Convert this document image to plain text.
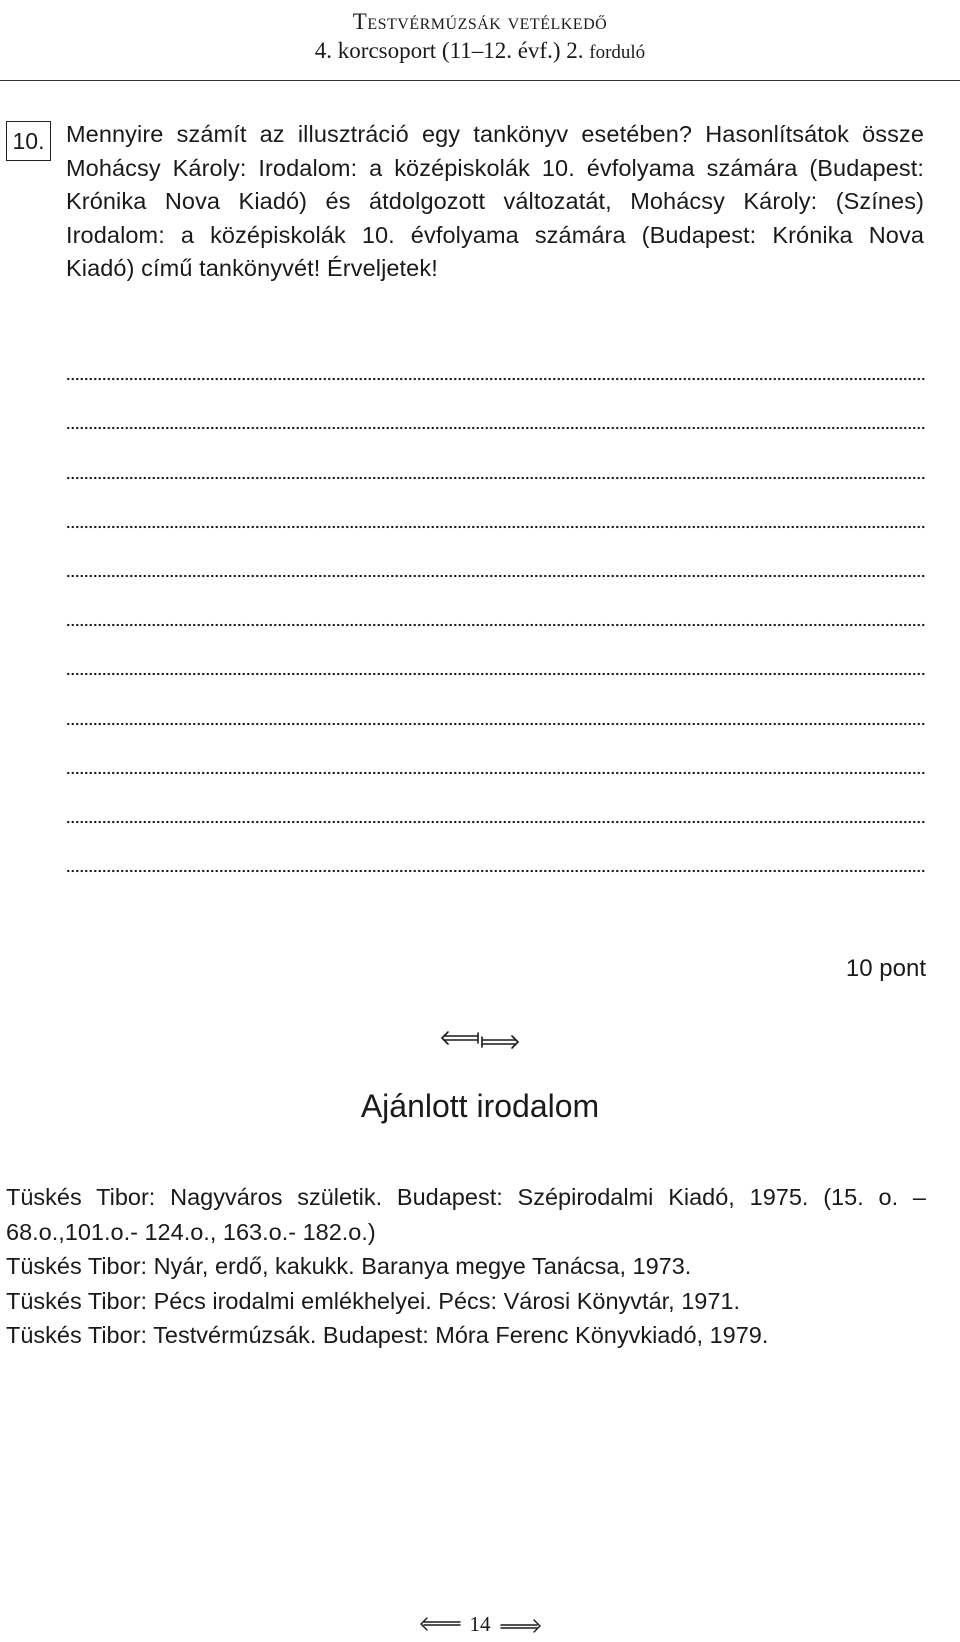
Testvérmúzsák vetélkedő
4. korcsoport (11–12. évf.) 2. forduló
10. Mennyire számít az illusztráció egy tankönyv esetében? Hasonlítsátok össze Mohácsy Károly: Irodalom: a középiskolák 10. évfolyama számára (Budapest: Krónika Nova Kiadó) és átdolgozott változatát, Mohácsy Károly: (Színes) Irodalom: a középiskolák 10. évfolyama számára (Budapest: Krónika Nova Kiadó) című tankönyvét! Érveljetek!
10 pont
Ajánlott irodalom

Tüskés Tibor: Nagyváros születik. Budapest: Szépirodalmi Kiadó, 1975. (15. o. – 68.o.,101.o.- 124.o., 163.o.- 182.o.)

Tüskés Tibor: Nyár, erdő, kakukk. Baranya megye Tanácsa, 1973.

Tüskés Tibor: Pécs irodalmi emlékhelyei. Pécs: Városi Könyvtár, 1971.

Tüskés Tibor: Testvérmúzsák. Budapest: Móra Ferenc Könyvkiadó, 1979.

14
